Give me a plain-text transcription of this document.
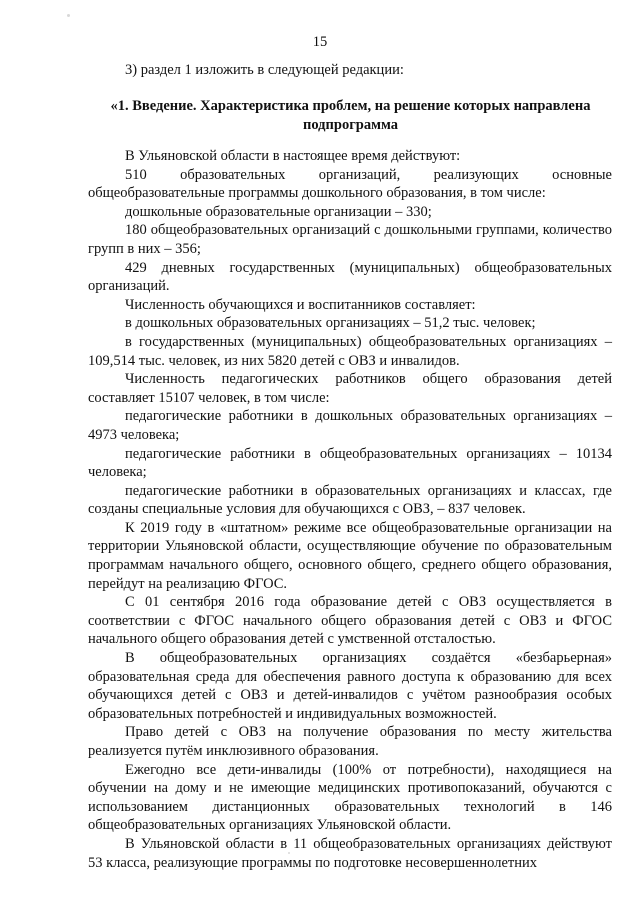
15
3) раздел 1 изложить в следующей редакции:
«1. Введение. Характеристика проблем, на решение которых направлена подпрограмма

В Ульяновской области в настоящее время действуют:

510 образовательных организаций, реализующих основные общеобразовательные программы дошкольного образования, в том числе:

дошкольные образовательные организации – 330;

180 общеобразовательных организаций с дошкольными группами, количество групп в них – 356;

429 дневных государственных (муниципальных) общеобразовательных организаций.

Численность обучающихся и воспитанников составляет:

в дошкольных образовательных организациях – 51,2 тыс. человек;

в государственных (муниципальных) общеобразовательных организациях – 109,514 тыс. человек, из них 5820 детей с ОВЗ и инвалидов.

Численность педагогических работников общего образования детей составляет 15107 человек, в том числе:

педагогические работники в дошкольных образовательных организациях – 4973 человека;

педагогические работники в общеобразовательных организациях – 10134 человека;

педагогические работники в образовательных организациях и классах, где созданы специальные условия для обучающихся с ОВЗ, – 837 человек.

К 2019 году в «штатном» режиме все общеобразовательные организации на территории Ульяновской области, осуществляющие обучение по образовательным программам начального общего, основного общего, среднего общего образования, перейдут на реализацию ФГОС.

С 01 сентября 2016 года образование детей с ОВЗ осуществляется в соответствии с ФГОС начального общего образования детей с ОВЗ и ФГОС начального общего образования детей с умственной отсталостью.

В общеобразовательных организациях создаётся «безбарьерная» образовательная среда для обеспечения равного доступа к образованию для всех обучающихся детей с ОВЗ и детей-инвалидов с учётом разнообразия особых образовательных потребностей и индивидуальных возможностей.

Право детей с ОВЗ на получение образования по месту жительства реализуется путём инклюзивного образования.

Ежегодно все дети-инвалиды (100% от потребности), находящиеся на обучении на дому и не имеющие медицинских противопоказаний, обучаются с использованием дистанционных образовательных технологий в 146 общеобразовательных организациях Ульяновской области.

В Ульяновской области в 11 общеобразовательных организациях действуют 53 класса, реализующие программы по подготовке несовершеннолетних
